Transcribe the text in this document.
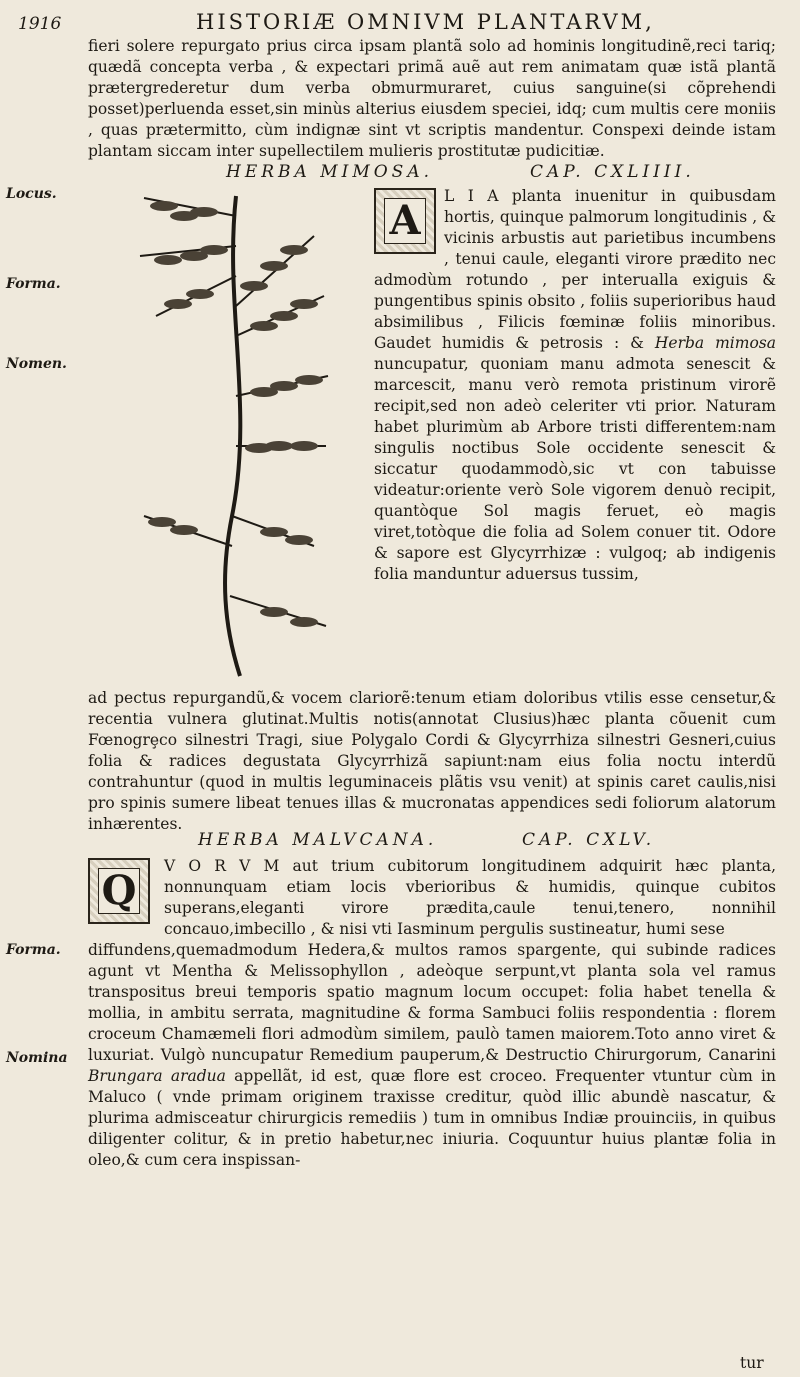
1916	HISTORIÆ OMNIVM PLANTARVM,
fieri solere repurgato prius circa ipsam plantã solo ad hominis longitudinẽ,reci tariq; quædã concepta verba , & expectari primã auẽ aut rem animatam quæ istã plantã prætergrederetur dum verba obmurmuraret, cuius sanguine(si cõprehendi posset)perluenda esset,sin minùs alterius eiusdem speciei, idq; cum multis cere moniis , quas prætermitto, cùm indignæ sint vt scriptis mandentur. Conspexi deinde istam plantam siccam inter supellectilem mulieris prostitutæ pudicitiæ.
HERBA MIMOSA.	CAP. CXLIIII.
Locus.
Forma.
Nomen.
A
L I A planta inuenitur in quibusdam hortis, quinque palmorum longitudinis , & vicinis arbustis aut parietibus incumbens , tenui caule, eleganti virore prædito nec admodùm rotundo , per interualla exiguis & pungentibus spinis obsito , foliis superioribus haud absimilibus , Filicis fœminæ foliis minoribus. Gaudet humidis & petrosis : & Herba mimosa nuncupatur, quoniam manu admota senescit & marcescit, manu verò remota pristinum virorẽ recipit,sed non adeò celeriter vti prior. Naturam habet plurimùm ab Arbore tristi differentem:nam singulis noctibus Sole occidente senescit & siccatur quodammodò,sic vt con tabuisse videatur:oriente verò Sole vigorem denuò recipit, quantòque Sol magis feruet, eò magis viret,totòque die folia ad Solem conuer tit. Odore & sapore est Glycyrrhizæ : vulgoq; ab indigenis folia manduntur aduersus tussim,
ad pectus repurgandũ,& vocem clariorẽ:tenum etiam doloribus vtilis esse censetur,& recentia vulnera glutinat.Multis notis(annotat Clusius)hæc planta cõuenit cum Fœnogrȩco silnestri Tragi, siue Polygalo Cordi & Glycyrrhiza silnestri Gesneri,cuius folia & radices degustata Glycyrrhizã sapiunt:nam eius folia noctu interdũ contrahuntur (quod in multis leguminaceis plãtis vsu venit) at spinis caret caulis,nisi pro spinis sumere libeat tenues illas & mucronatas appendices sedi foliorum alatorum inhærentes.
HERBA MALVCANA.	CAP. CXLV.
Q
V O R V M aut trium cubitorum longitudinem adquirit hæc planta, nonnunquam etiam locis vberioribus & humidis, quinque cubitos superans,eleganti virore prædita,caule tenui,tenero, nonnihil concauo,imbecillo , & nisi vti Iasminum pergulis sustineatur, humi sese
Forma.
Nomina
diffundens,quemadmodum Hedera,& multos ramos spargente, qui subinde radices agunt vt Mentha & Melissophyllon , adeòque serpunt,vt planta sola vel ramus transpositus breui temporis spatio magnum locum occupet: folia habet tenella & mollia, in ambitu serrata, magnitudine & forma Sambuci foliis respondentia : florem croceum Chamæmeli flori admodùm similem, paulò tamen maiorem.Toto anno viret & luxuriat. Vulgò nuncupatur Remedium pauperum,& Destructio Chirurgorum, Canarini Brungara aradua appellãt, id est, quæ flore est croceo. Frequenter vtuntur cùm in Maluco ( vnde primam originem traxisse creditur, quòd illic abundè nascatur, & plurima admisceatur chirurgicis remediis ) tum in omnibus Indiæ prouinciis, in quibus diligenter colitur, & in pretio habetur,nec iniuria. Coquuntur huius plantæ folia in oleo,& cum cera inspissan-
tur
